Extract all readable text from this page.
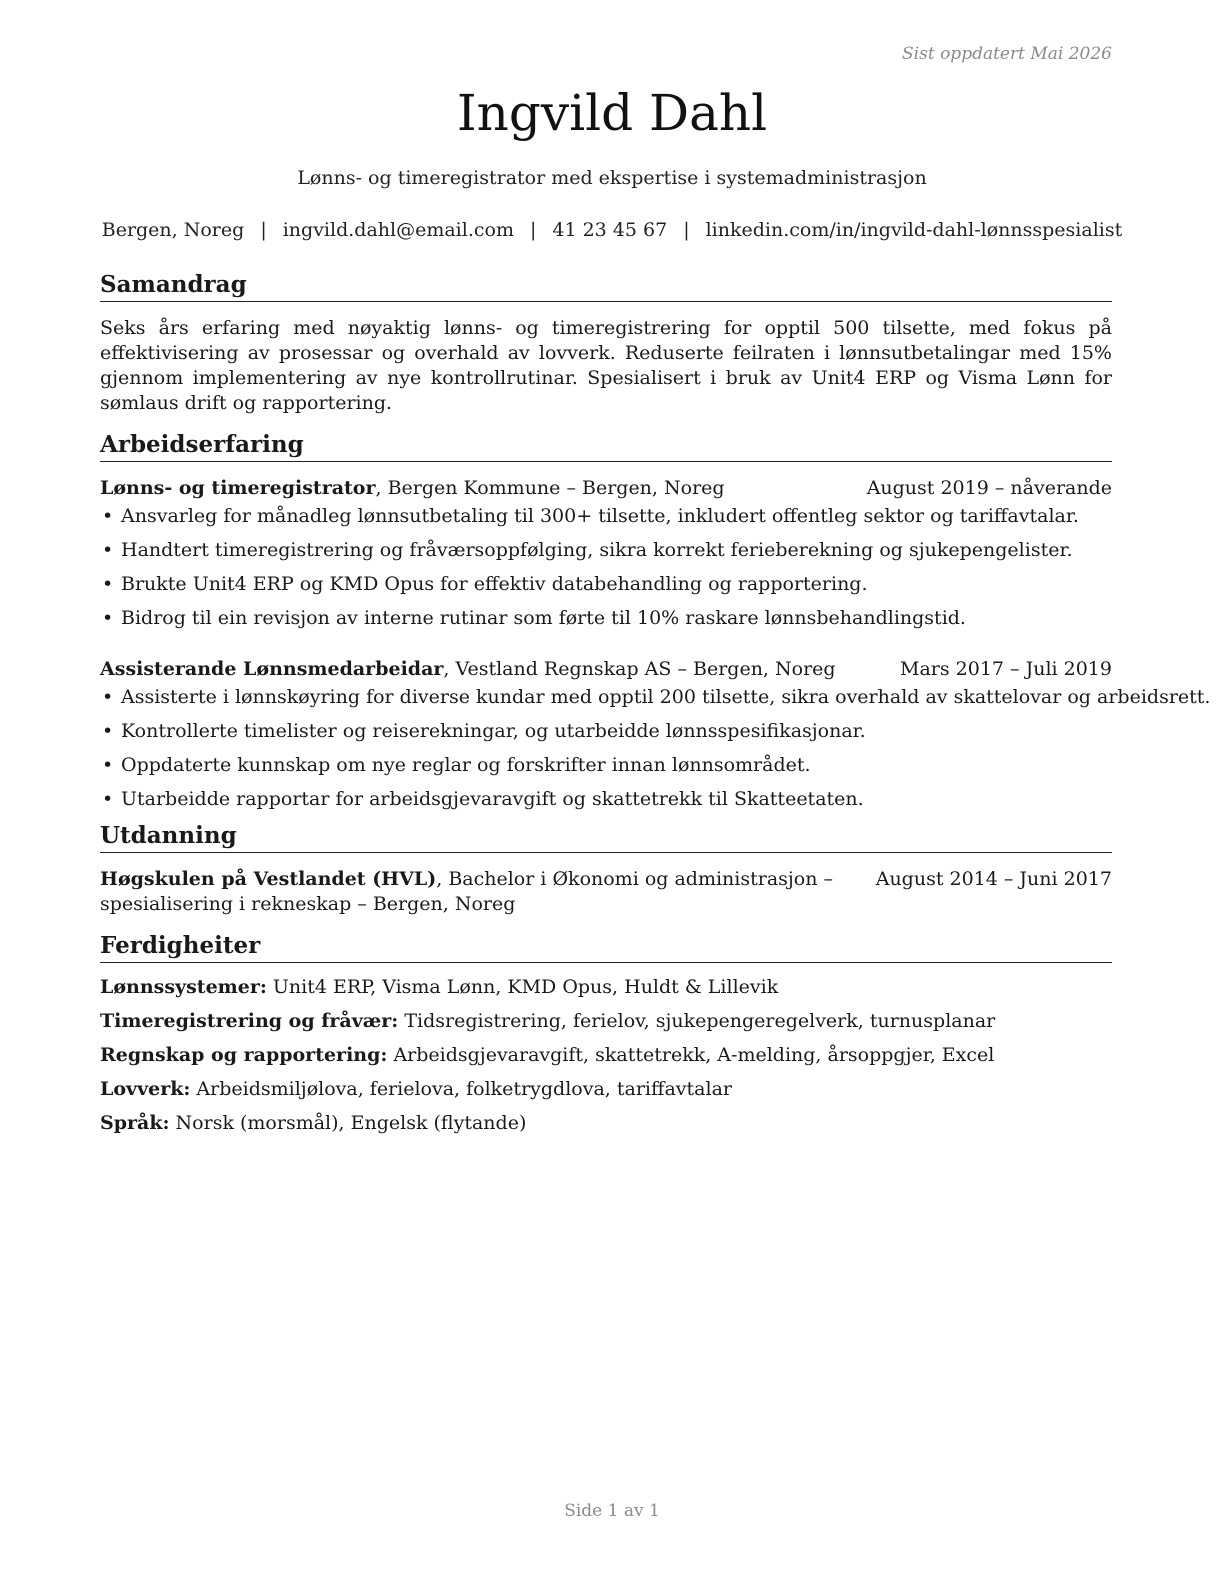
Sist oppdatert Mai 2026
Ingvild Dahl
Lønns- og timeregistrator med ekspertise i systemadministrasjon
Bergen, Noreg | ingvild.dahl@email.com | 41 23 45 67 | linkedin.com/in/ingvild-dahl-lønnsspesialist
Samandrag

Seks års erfaring med nøyaktig lønns- og timeregistrering for opptil 500 tilsette, med fokus på effektivisering av prosessar og overhald av lovverk. Reduserte feilraten i lønnsutbetalingar med 15% gjennom implementering av nye kontrollrutinar. Spesialisert i bruk av Unit4 ERP og Visma Lønn for sømlaus drift og rapportering.

Arbeidserfaring
Lønns- og timeregistrator, Bergen Kommune – Bergen, Noreg	August 2019 – nåverande
• Ansvarleg for månadleg lønnsutbetaling til 300+ tilsette, inkludert offentleg sektor og tariffavtalar.
• Handtert timeregistrering og fråværsoppfølging, sikra korrekt ferieberekning og sjukepengelister.
• Brukte Unit4 ERP og KMD Opus for effektiv databehandling og rapportering.
• Bidrog til ein revisjon av interne rutinar som førte til 10% raskare lønnsbehandlingstid.
Assisterande Lønnsmedarbeidar, Vestland Regnskap AS – Bergen, Noreg	Mars 2017 – Juli 2019
• Assisterte i lønnskøyring for diverse kundar med opptil 200 tilsette, sikra overhald av skattelovar og arbeidsrett.
• Kontrollerte timelister og reiserekningar, og utarbeidde lønnsspesifikasjonar.
• Oppdaterte kunnskap om nye reglar og forskrifter innan lønnsområdet.
• Utarbeidde rapportar for arbeidsgjevaravgift og skattetrekk til Skatteetaten.
Utdanning
Høgskulen på Vestlandet (HVL), Bachelor i Økonomi og administrasjon – spesialisering i rekneskap – Bergen, Noreg
August 2014 – Juni 2017
Ferdigheiter
Lønnssystemer: Unit4 ERP, Visma Lønn, KMD Opus, Huldt & Lillevik
Timeregistrering og fråvær: Tidsregistrering, ferielov, sjukepengeregelverk, turnusplanar
Regnskap og rapportering: Arbeidsgjevaravgift, skattetrekk, A-melding, årsoppgjer, Excel
Lovverk: Arbeidsmiljølova, ferielova, folketrygdlova, tariffavtalar
Språk: Norsk (morsmål), Engelsk (flytande)
Side 1 av 1
